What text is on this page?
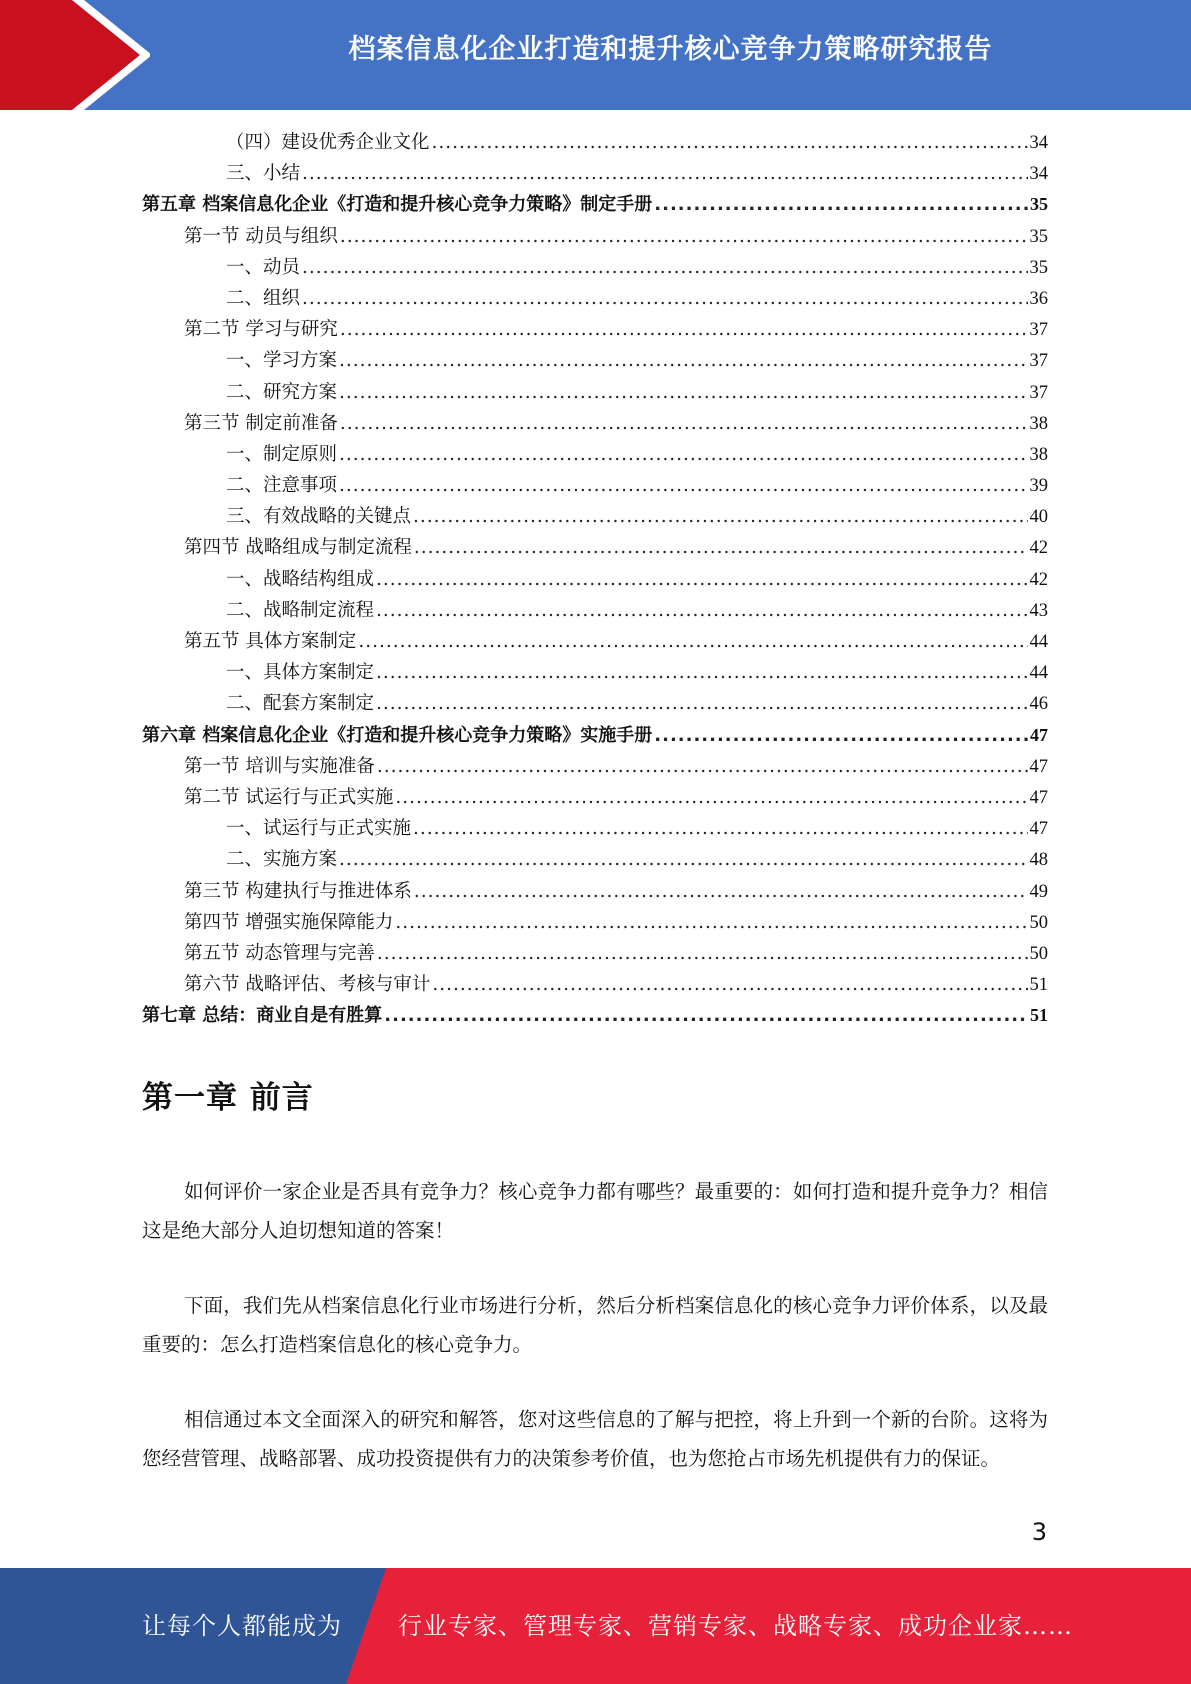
档案信息化企业打造和提升核心竞争力策略研究报告
（四）建设优秀企业文化 .....	34
三、小结 .....	34
第五章 档案信息化企业《打造和提升核心竞争力策略》制定手册 .....	35
第一节 动员与组织 .....	35
一、动员 .....	35
二、组织 .....	36
第二节 学习与研究 .....	37
一、学习方案 .....	37
二、研究方案 .....	37
第三节 制定前准备 .....	38
一、制定原则 .....	38
二、注意事项 .....	39
三、有效战略的关键点 .....	40
第四节 战略组成与制定流程 .....	42
一、战略结构组成 .....	42
二、战略制定流程 .....	43
第五节 具体方案制定 .....	44
一、具体方案制定 .....	44
二、配套方案制定 .....	46
第六章 档案信息化企业《打造和提升核心竞争力策略》实施手册 .....	47
第一节 培训与实施准备 .....	47
第二节 试运行与正式实施 .....	47
一、试运行与正式实施 .....	47
二、实施方案 .....	48
第三节 构建执行与推进体系 .....	49
第四节 增强实施保障能力 .....	50
第五节 动态管理与完善 .....	50
第六节 战略评估、考核与审计 .....	51
第七章 总结：商业自是有胜算 .....	51
第一章 前言

如何评价一家企业是否具有竞争力？核心竞争力都有哪些？最重要的：如何打造和提升竞争力？相信这是绝大部分人迫切想知道的答案！

下面，我们先从档案信息化行业市场进行分析，然后分析档案信息化的核心竞争力评价体系，以及最重要的：怎么打造档案信息化的核心竞争力。

相信通过本文全面深入的研究和解答，您对这些信息的了解与把控，将上升到一个新的台阶。这将为您经营管理、战略部署、成功投资提供有力的决策参考价值，也为您抢占市场先机提供有力的保证。

3
让每个人都能成为 行业专家、管理专家、营销专家、战略专家、成功企业家……
